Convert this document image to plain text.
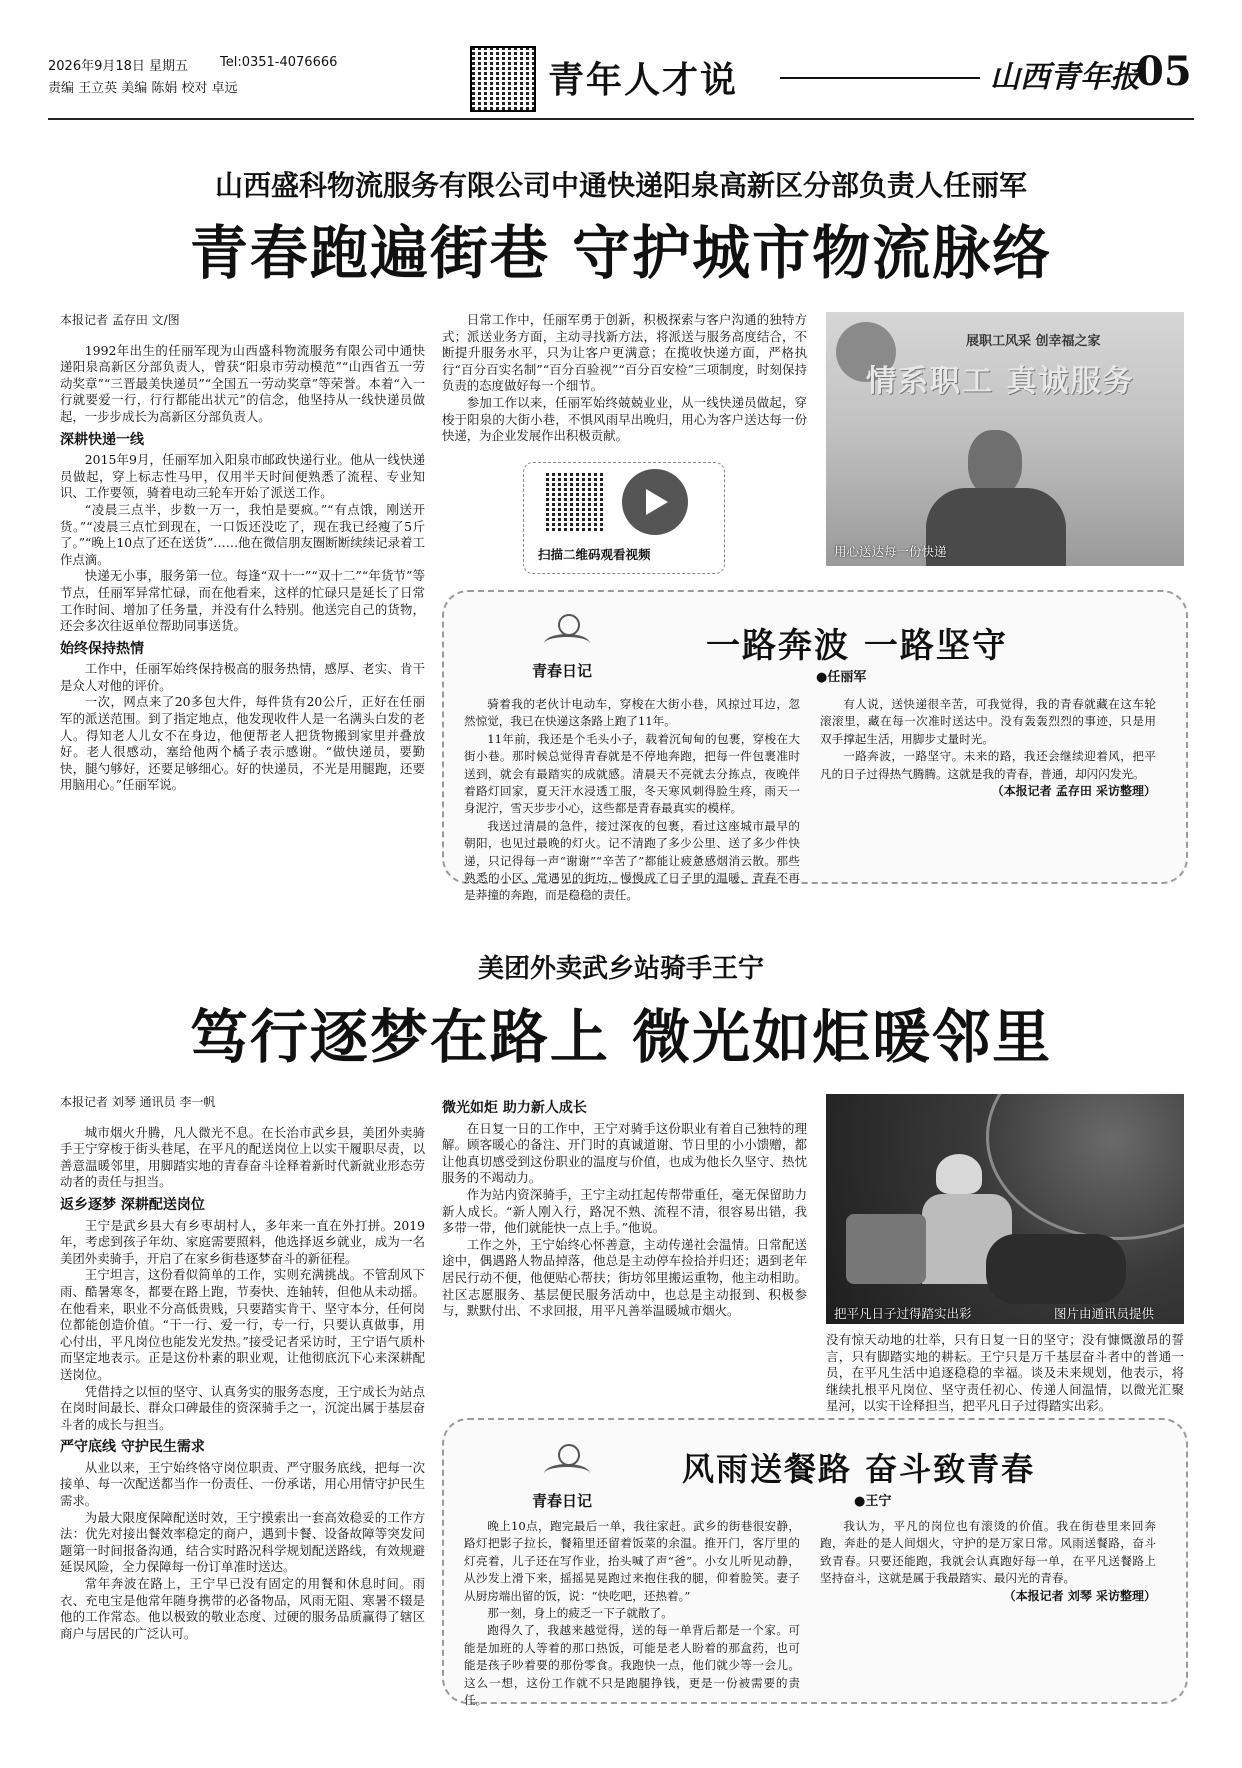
2026年9月18日 星期五 Tel:0351-4076666
责编 王立英 美编 陈娟 校对 卓远	青年人才说	山西青年报
05
山西盛科物流服务有限公司中通快递阳泉高新区分部负责人任丽军
青春跑遍街巷 守护城市物流脉络
本报记者 孟存田 文/图

1992年出生的任丽军现为山西盛科物流服务有限公司中通快递阳泉高新区分部负责人，曾获“阳泉市劳动模范”“山西省五一劳动奖章”“三晋最美快递员”“全国五一劳动奖章”等荣誉。本着“入一行就要爱一行，行行都能出状元”的信念，他坚持从一线快递员做起，一步步成长为高新区分部负责人。

深耕快递一线

2015年9月，任丽军加入阳泉市邮政快递行业。他从一线快递员做起，穿上标志性马甲，仅用半天时间便熟悉了流程、专业知识、工作要领，骑着电动三轮车开始了派送工作。

“凌晨三点半，步数一万一，我怕是要疯。”“有点饿，刚送开货。”“凌晨三点忙到现在，一口饭还没吃了，现在我已经瘦了5斤了。”“晚上10点了还在送货”……他在微信朋友圈断断续续记录着工作点滴。

快递无小事，服务第一位。每逢“双十一”“双十二”“年货节”等节点，任丽军异常忙碌，而在他看来，这样的忙碌只是延长了日常工作时间、增加了任务量，并没有什么特别。他送完自己的货物，还会多次往返单位帮助同事送货。

始终保持热情

工作中，任丽军始终保持极高的服务热情，感厚、老实、肯干是众人对他的评价。

一次，网点来了20多包大件，每件货有20公斤，正好在任丽军的派送范围。到了指定地点，他发现收件人是一名满头白发的老人。得知老人儿女不在身边，他便帮老人把货物搬到家里并叠放好。老人很感动，塞给他两个橘子表示感谢。“做快递员，要勤快，腿勺够好，还要足够细心。好的快递员，不光是用腿跑，还要用脑用心。”任丽军说。

日常工作中，任丽军勇于创新，积极探索与客户沟通的独特方式；派送业务方面，主动寻找新方法，将派送与服务高度结合，不断提升服务水平，只为让客户更满意；在揽收快递方面，严格执行“百分百实名制”“百分百验视”“百分百安检”三项制度，时刻保持负责的态度做好每一个细节。

参加工作以来，任丽军始终兢兢业业，从一线快递员做起，穿梭于阳泉的大街小巷，不惧风雨早出晚归，用心为客户送达每一份快递，为企业发展作出积极贡献。

扫描二维码观看视频
展职工风采 创幸福之家
情系职工 真诚服务
用心送达每一份快递
青春日记
一路奔波 一路坚守
●任丽军

骑着我的老伙计电动车，穿梭在大街小巷，风掠过耳边，忽然惊觉，我已在快递这条路上跑了11年。

11年前，我还是个毛头小子，载着沉甸甸的包裹，穿梭在大街小巷。那时候总觉得青春就是不停地奔跑，把每一件包裹准时送到，就会有最踏实的成就感。清晨天不亮就去分拣点，夜晚伴着路灯回家，夏天汗水浸透工服，冬天寒风刺得脸生疼，雨天一身泥泞，雪天步步小心，这些都是青春最真实的模样。

我送过清晨的急件，接过深夜的包裹，看过这座城市最早的朝阳，也见过最晚的灯火。记不清跑了多少公里、送了多少件快递，只记得每一声“谢谢”“辛苦了”都能让疲惫感烟消云散。那些熟悉的小区、常遇见的街坊，慢慢成了日子里的温暖，青春不再是莽撞的奔跑，而是稳稳的责任。

有人说，送快递很辛苦，可我觉得，我的青春就藏在这车轮滚滚里，藏在每一次准时送达中。没有轰轰烈烈的事迹，只是用双手撑起生活，用脚步丈量时光。

一路奔波，一路坚守。未来的路，我还会继续迎着风，把平凡的日子过得热气腾腾。这就是我的青春，普通，却闪闪发光。

（本报记者 孟存田 采访整理）
美团外卖武乡站骑手王宁
笃行逐梦在路上 微光如炬暖邻里
本报记者 刘琴 通讯员 李一帆

城市烟火升腾，凡人微光不息。在长治市武乡县，美团外卖骑手王宁穿梭于街头巷尾，在平凡的配送岗位上以实干履职尽责，以善意温暖邻里，用脚踏实地的青春奋斗诠释着新时代新就业形态劳动者的责任与担当。

返乡逐梦 深耕配送岗位

王宁是武乡县大有乡枣胡村人，多年来一直在外打拼。2019年，考虑到孩子年幼、家庭需要照料，他选择返乡就业，成为一名美团外卖骑手，开启了在家乡街巷逐梦奋斗的新征程。

王宁坦言，这份看似简单的工作，实则充满挑战。不管刮风下雨、酷暑寒冬，都要在路上跑，节奏快、连轴转，但他从未动摇。在他看来，职业不分高低贵贱，只要踏实肯干、坚守本分，任何岗位都能创造价值。“干一行、爱一行，专一行，只要认真做事，用心付出，平凡岗位也能发光发热。”接受记者采访时，王宁语气质朴而坚定地表示。正是这份朴素的职业观，让他彻底沉下心来深耕配送岗位。

凭借持之以恒的坚守、认真务实的服务态度，王宁成长为站点在岗时间最长、群众口碑最佳的资深骑手之一，沉淀出属于基层奋斗者的成长与担当。

严守底线 守护民生需求

从业以来，王宁始终恪守岗位职责、严守服务底线，把每一次接单、每一次配送都当作一份责任、一份承诺，用心用情守护民生需求。

为最大限度保障配送时效，王宁摸索出一套高效稳妥的工作方法：优先对接出餐效率稳定的商户，遇到卡餐、设备故障等突发问题第一时间报备沟通，结合实时路况科学规划配送路线，有效规避延误风险，全力保障每一份订单准时送达。

常年奔波在路上，王宁早已没有固定的用餐和休息时间。雨衣、充电宝是他常年随身携带的必备物品，风雨无阻、寒暑不辍是他的工作常态。他以极致的敬业态度、过硬的服务品质赢得了辖区商户与居民的广泛认可。

微光如炬 助力新人成长

在日复一日的工作中，王宁对骑手这份职业有着自己独特的理解。顾客暖心的备注、开门时的真诚道谢、节日里的小小馈赠，都让他真切感受到这份职业的温度与价值，也成为他长久坚守、热忱服务的不竭动力。

作为站内资深骑手，王宁主动扛起传帮带重任，毫无保留助力新人成长。“新人刚入行，路况不熟、流程不清，很容易出错，我多带一带，他们就能快一点上手。”他说。

工作之外，王宁始终心怀善意，主动传递社会温情。日常配送途中，偶遇路人物品掉落，他总是主动停车捡拾并归还；遇到老年居民行动不便，他便贴心帮扶；街坊邻里搬运重物，他主动相助。社区志愿服务、基层便民服务活动中，也总是主动报到、积极参与，默默付出、不求回报，用平凡善举温暖城市烟火。	把平凡日子过得踏实出彩	图片由通讯员提供

没有惊天动地的壮举，只有日复一日的坚守；没有慷慨激昂的誓言，只有脚踏实地的耕耘。王宁只是万千基层奋斗者中的普通一员，在平凡生活中追逐稳稳的幸福。谈及未来规划，他表示，将继续扎根平凡岗位、坚守责任初心、传递人间温情，以微光汇聚星河，以实干诠释担当，把平凡日子过得踏实出彩。

青春日记
风雨送餐路 奋斗致青春
●王宁

晚上10点，跑完最后一单，我往家赶。武乡的街巷很安静，路灯把影子拉长，餐箱里还留着饭菜的余温。推开门，客厅里的灯亮着，儿子还在写作业，抬头喊了声“爸”。小女儿听见动静，从沙发上滑下来，摇摇晃晃跑过来抱住我的腿，仰着脸笑。妻子从厨房端出留的饭，说：“快吃吧，还热着。”

那一刻，身上的疲乏一下子就散了。

跑得久了，我越来越觉得，送的每一单背后都是一个家。可能是加班的人等着的那口热饭，可能是老人盼着的那盒药，也可能是孩子吵着要的那份零食。我跑快一点，他们就少等一会儿。这么一想，这份工作就不只是跑腿挣钱，更是一份被需要的责任。

我认为，平凡的岗位也有滚烫的价值。我在街巷里来回奔跑，奔赴的是人间烟火，守护的是万家日常。风雨送餐路，奋斗致青春。只要还能跑，我就会认真跑好每一单，在平凡送餐路上坚持奋斗，这就是属于我最踏实、最闪光的青春。

（本报记者 刘琴 采访整理）
